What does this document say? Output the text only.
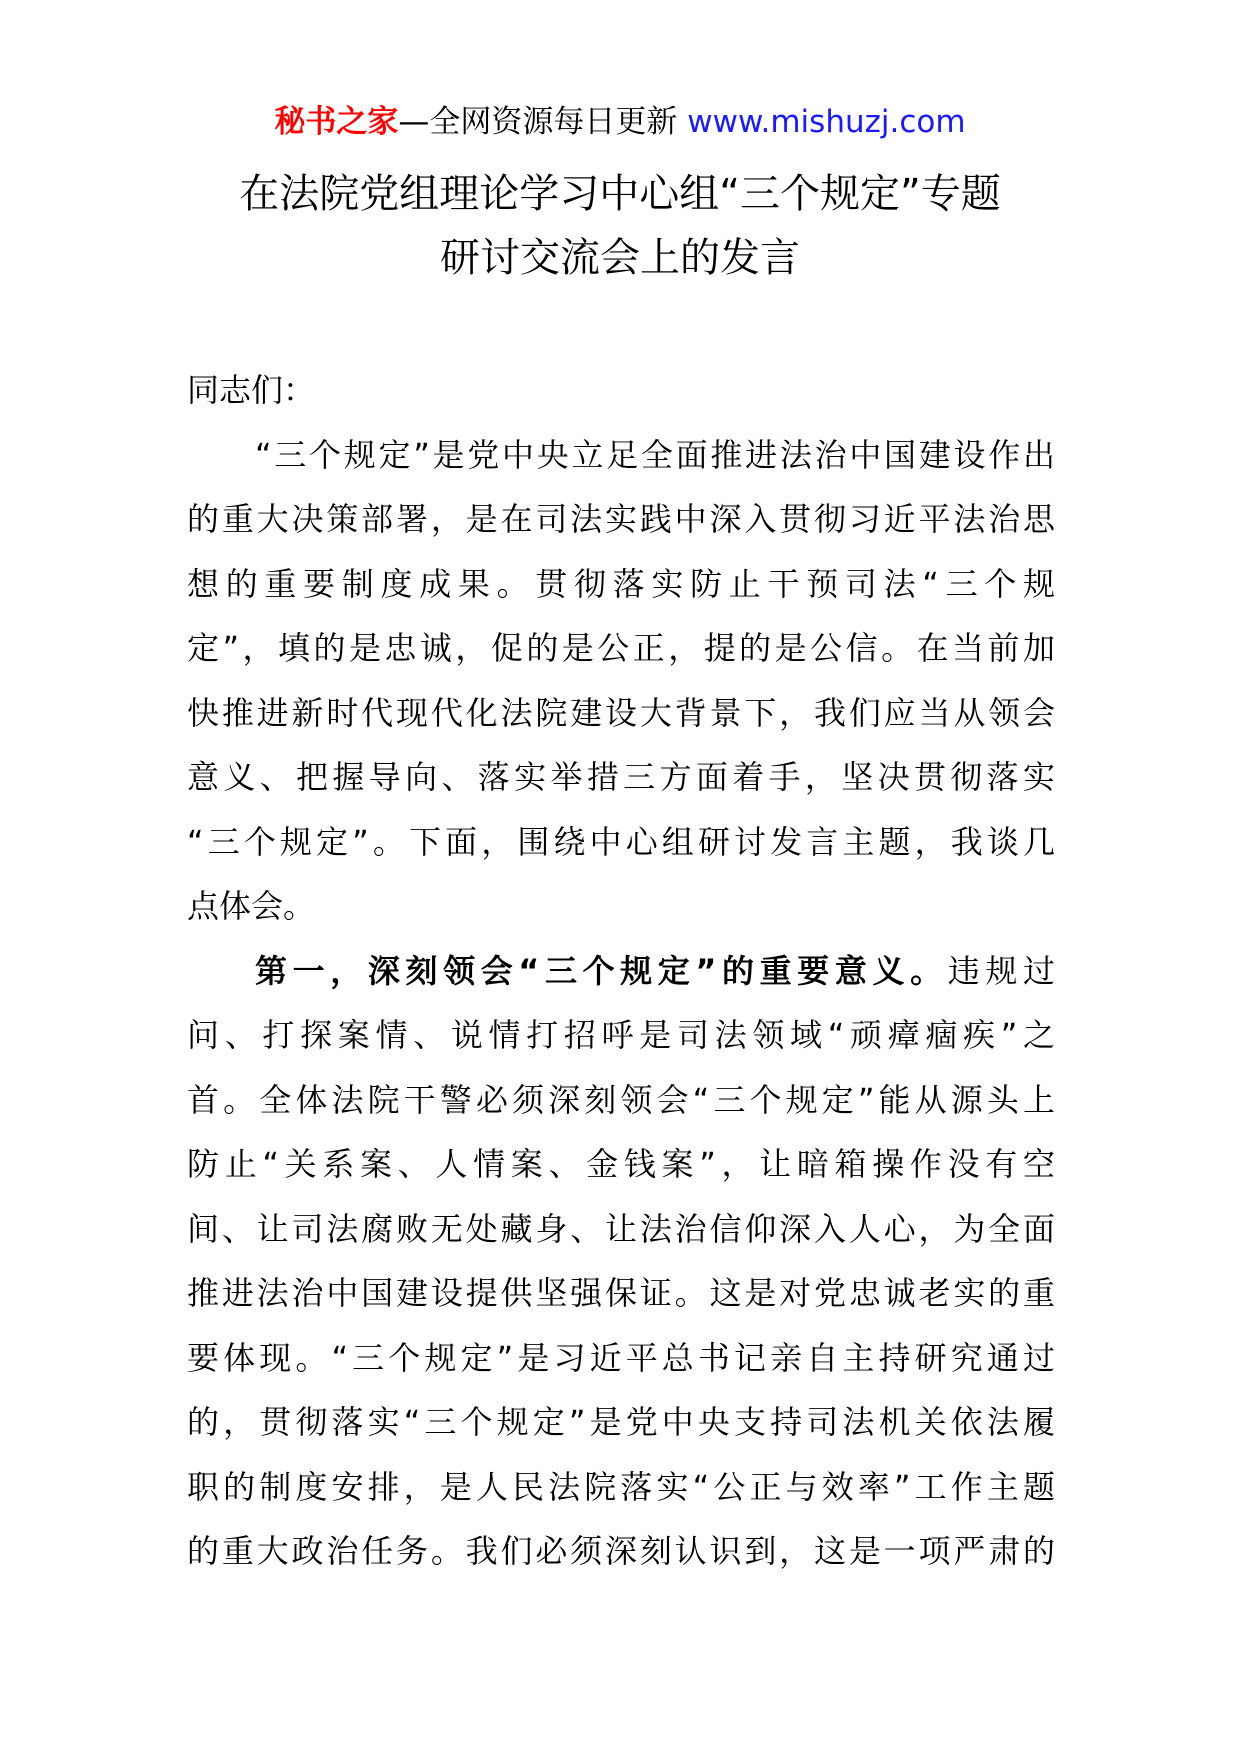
秘书之家—全网资源每日更新 www.mishuzj.com
在法院党组理论学习中心组“三个规定”专题
研讨交流会上的发言

同志们：

“三个规定”是党中央立足全面推进法治中国建设作出
的重大决策部署，是在司法实践中深入贯彻习近平法治思
想的重要制度成果。贯彻落实防止干预司法“三个规
定”，填的是忠诚，促的是公正，提的是公信。在当前加
快推进新时代现代化法院建设大背景下，我们应当从领会
意义、把握导向、落实举措三方面着手，坚决贯彻落实
“三个规定”。下面，围绕中心组研讨发言主题，我谈几
点体会。

第一，深刻领会“三个规定”的重要意义。违规过
问、打探案情、说情打招呼是司法领域“顽瘴痼疾”之
首。全体法院干警必须深刻领会“三个规定”能从源头上
防止“关系案、人情案、金钱案”，让暗箱操作没有空
间、让司法腐败无处藏身、让法治信仰深入人心，为全面
推进法治中国建设提供坚强保证。这是对党忠诚老实的重
要体现。“三个规定”是习近平总书记亲自主持研究通过
的，贯彻落实“三个规定”是党中央支持司法机关依法履
职的制度安排，是人民法院落实“公正与效率”工作主题
的重大政治任务。我们必须深刻认识到，这是一项严肃的
